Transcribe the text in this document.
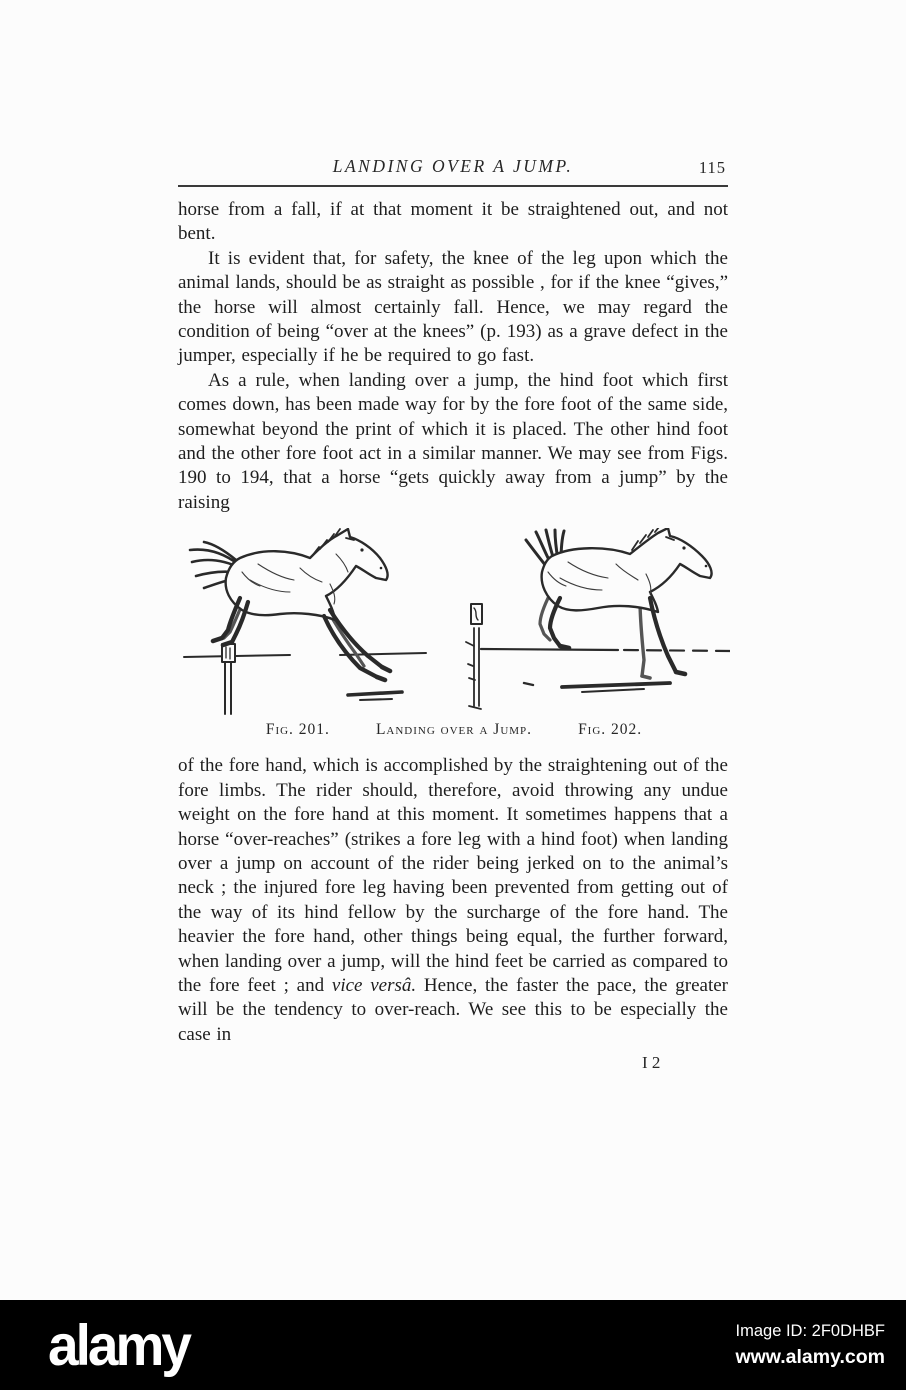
LANDING OVER A JUMP.	115

horse from a fall, if at that moment it be straightened out, and not bent.

It is evident that, for safety, the knee of the leg upon which the animal lands, should be as straight as possible , for if the knee “gives,” the horse will almost certainly fall. Hence, we may regard the condition of being “over at the knees” (p. 193) as a grave defect in the jumper, especially if he be required to go fast.

As a rule, when landing over a jump, the hind foot which first comes down, has been made way for by the fore foot of the same side, somewhat beyond the print of which it is placed. The other hind foot and the other fore foot act in a similar manner. We may see from Figs. 190 to 194, that a horse “gets quickly away from a jump” by the raising

Fig. 201.	Landing over a Jump.	Fig. 202.

of the fore hand, which is accomplished by the straightening out of the fore limbs. The rider should, therefore, avoid throwing any undue weight on the fore hand at this moment. It sometimes happens that a horse “over-reaches” (strikes a fore leg with a hind foot) when landing over a jump on account of the rider being jerked on to the animal’s neck ; the injured fore leg having been prevented from getting out of the way of its hind fellow by the surcharge of the fore hand. The heavier the fore hand, other things being equal, the further forward, when landing over a jump, will the hind feet be carried as compared to the fore feet ; and vice versâ. Hence, the faster the pace, the greater will be the tendency to over-reach. We see this to be especially the case in

I 2
alamy	Image ID: 2F0DHBF
www.alamy.com
